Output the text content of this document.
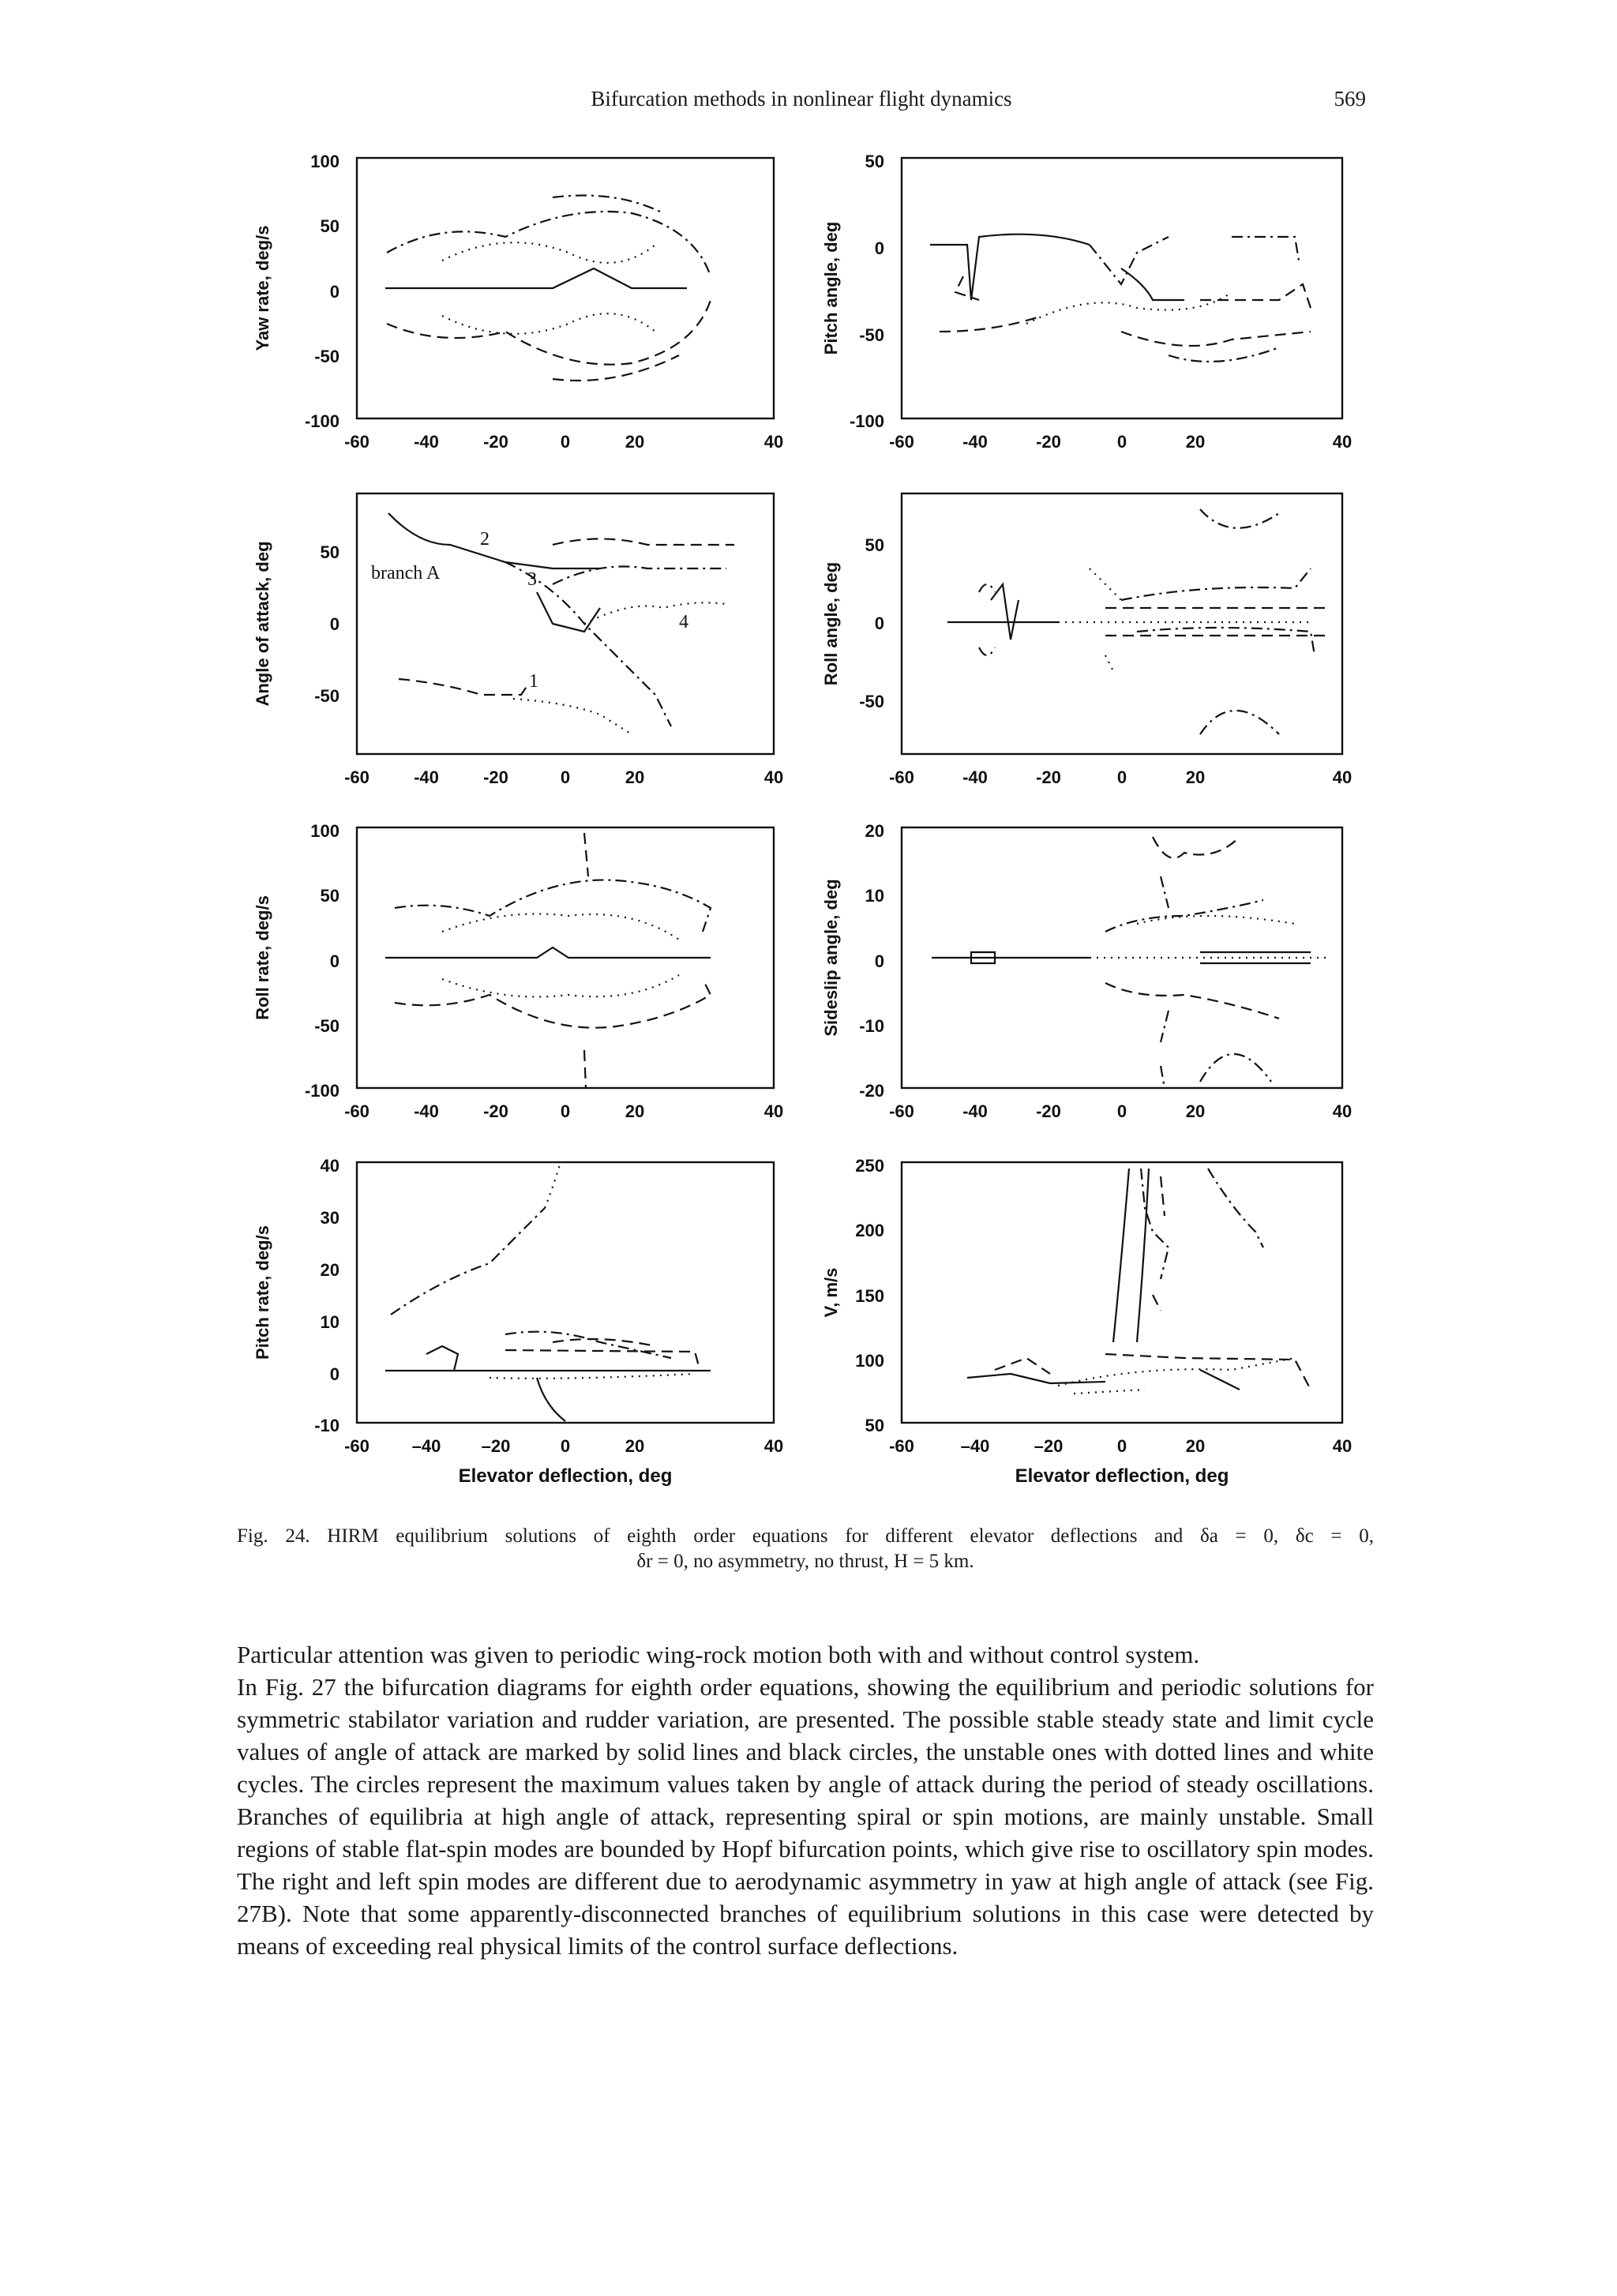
Bifurcation methods in nonlinear flight dynamics	569
Yaw rate, deg/s
100
50
0
-50
-100
-60	-40	-20	0	20	40
Pitch angle, deg
50
0
-50
-100
-60	-40	-20	0	20	40
Angle of attack, deg	50
0
-50
-60	-40	-20	0	20	40
2
branch A	3
4
1	Roll angle, deg
50
0
-50
-60	-40	-20	0	20	40
Roll rate, deg/s
100
50
0
-50
-100
-60	-40	-20	0	20	40
Sideslip angle, deg
20
10
0
-10
-20
-60	-40	-20	0	20	40
Pitch rate, deg/s
40
30
20
10
0
-10
-60 –40 –20	0	20	40
Elevator deflection, deg
V, m/s
250
200
150
100
50
-60	–40	–20	0	20	40
Elevator deflection, deg
Fig. 24. HIRM equilibrium solutions of eighth order equations for different elevator deflections and δa = 0, δc = 0,
δr = 0, no asymmetry, no thrust, H = 5 km.

Particular attention was given to periodic wing-rock motion both with and without control system.

In Fig. 27 the bifurcation diagrams for eighth order equations, showing the equilibrium and periodic solutions for symmetric stabilator variation and rudder variation, are presented. The possible stable steady state and limit cycle values of angle of attack are marked by solid lines and black circles, the unstable ones with dotted lines and white cycles. The circles represent the maximum values taken by angle of attack during the period of steady oscillations. Branches of equilibria at high angle of attack, representing spiral or spin motions, are mainly unstable. Small regions of stable flat-spin modes are bounded by Hopf bifurcation points, which give rise to oscillatory spin modes. The right and left spin modes are different due to aerodynamic asymmetry in yaw at high angle of attack (see Fig. 27B). Note that some apparently-disconnected branches of equilibrium solutions in this case were detected by means of exceeding real physical limits of the control surface deflections.
